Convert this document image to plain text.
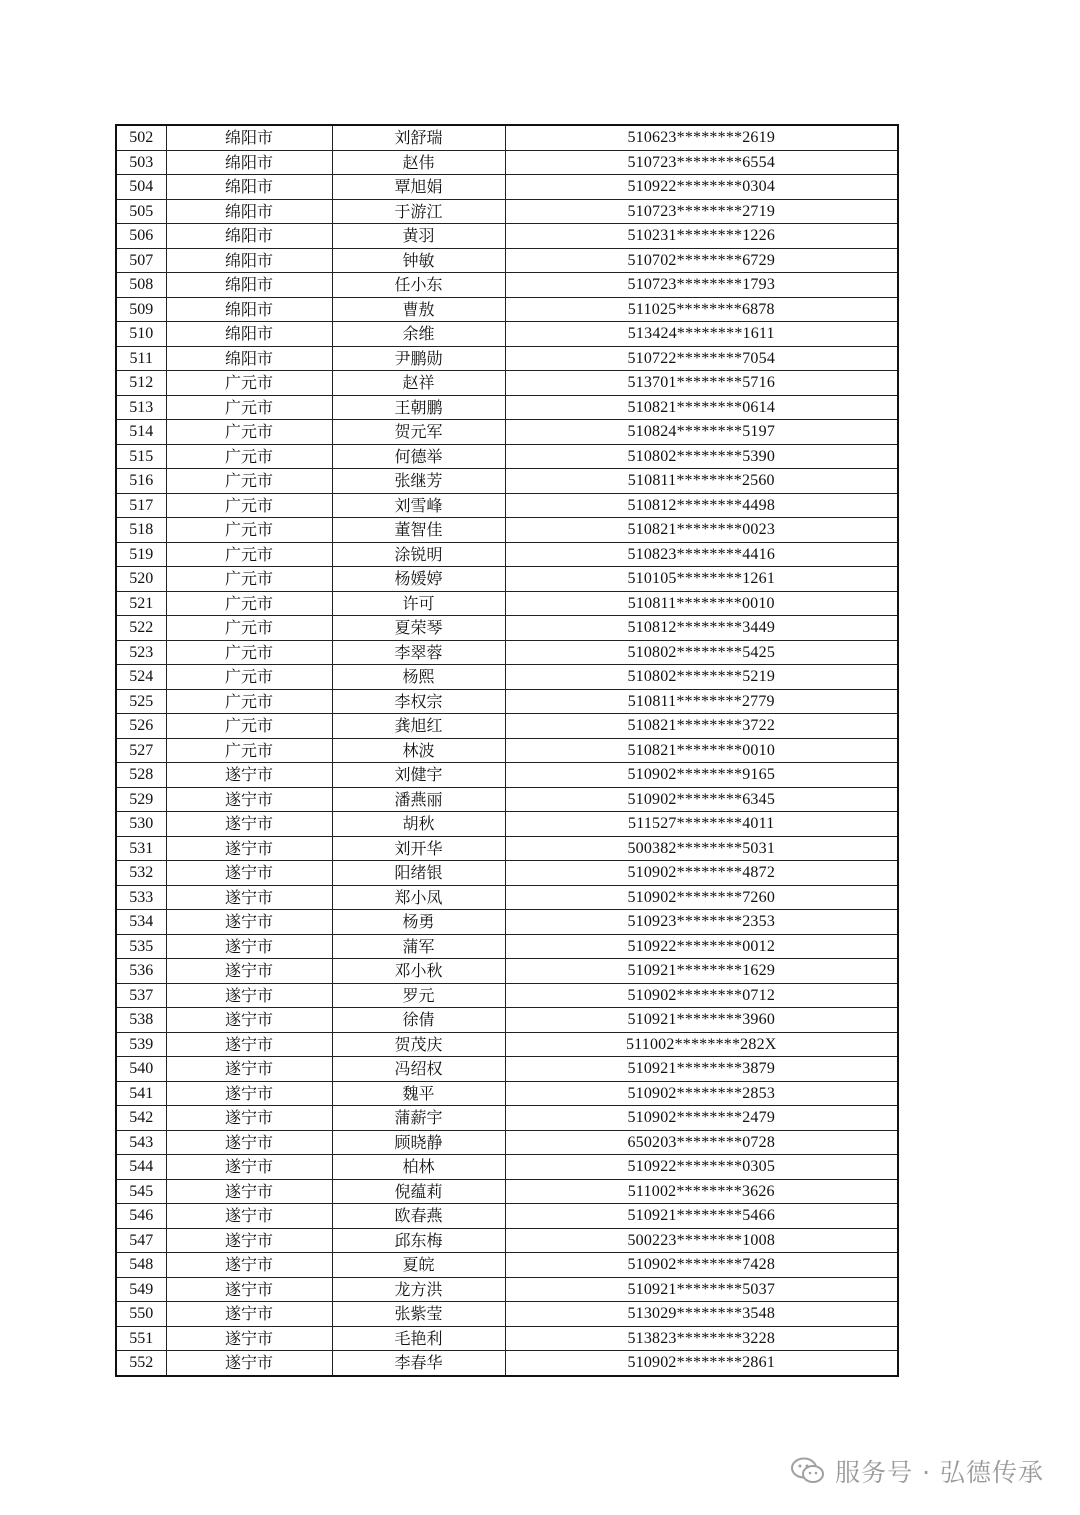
502	绵阳市	刘舒瑞	510623********2619
503	绵阳市	赵伟	510723********6554
504	绵阳市	覃旭娟	510922********0304
505	绵阳市	于游江	510723********2719
506	绵阳市	黄羽	510231********1226
507	绵阳市	钟敏	510702********6729
508	绵阳市	任小东	510723********1793
509	绵阳市	曹敖	511025********6878
510	绵阳市	余维	513424********1611
511	绵阳市	尹鹏勋	510722********7054
512	广元市	赵祥	513701********5716
513	广元市	王朝鹏	510821********0614
514	广元市	贺元军	510824********5197
515	广元市	何德举	510802********5390
516	广元市	张继芳	510811********2560
517	广元市	刘雪峰	510812********4498
518	广元市	董智佳	510821********0023
519	广元市	涂锐明	510823********4416
520	广元市	杨媛婷	510105********1261
521	广元市	许可	510811********0010
522	广元市	夏荣琴	510812********3449
523	广元市	李翠蓉	510802********5425
524	广元市	杨熙	510802********5219
525	广元市	李权宗	510811********2779
526	广元市	龚旭红	510821********3722
527	广元市	林波	510821********0010
528	遂宁市	刘健宇	510902********9165
529	遂宁市	潘燕丽	510902********6345
530	遂宁市	胡秋	511527********4011
531	遂宁市	刘开华	500382********5031
532	遂宁市	阳绪银	510902********4872
533	遂宁市	郑小凤	510902********7260
534	遂宁市	杨勇	510923********2353
535	遂宁市	蒲军	510922********0012
536	遂宁市	邓小秋	510921********1629
537	遂宁市	罗元	510902********0712
538	遂宁市	徐倩	510921********3960
539	遂宁市	贺茂庆	511002********282X
540	遂宁市	冯绍权	510921********3879
541	遂宁市	魏平	510902********2853
542	遂宁市	蒲薪宇	510902********2479
543	遂宁市	顾晓静	650203********0728
544	遂宁市	柏林	510922********0305
545	遂宁市	倪蕴莉	511002********3626
546	遂宁市	欧春燕	510921********5466
547	遂宁市	邱东梅	500223********1008
548	遂宁市	夏皖	510902********7428
549	遂宁市	龙方洪	510921********5037
550	遂宁市	张紫莹	513029********3548
551	遂宁市	毛艳利	513823********3228
552	遂宁市	李春华	510902********2861
服务号 · 弘德传承
